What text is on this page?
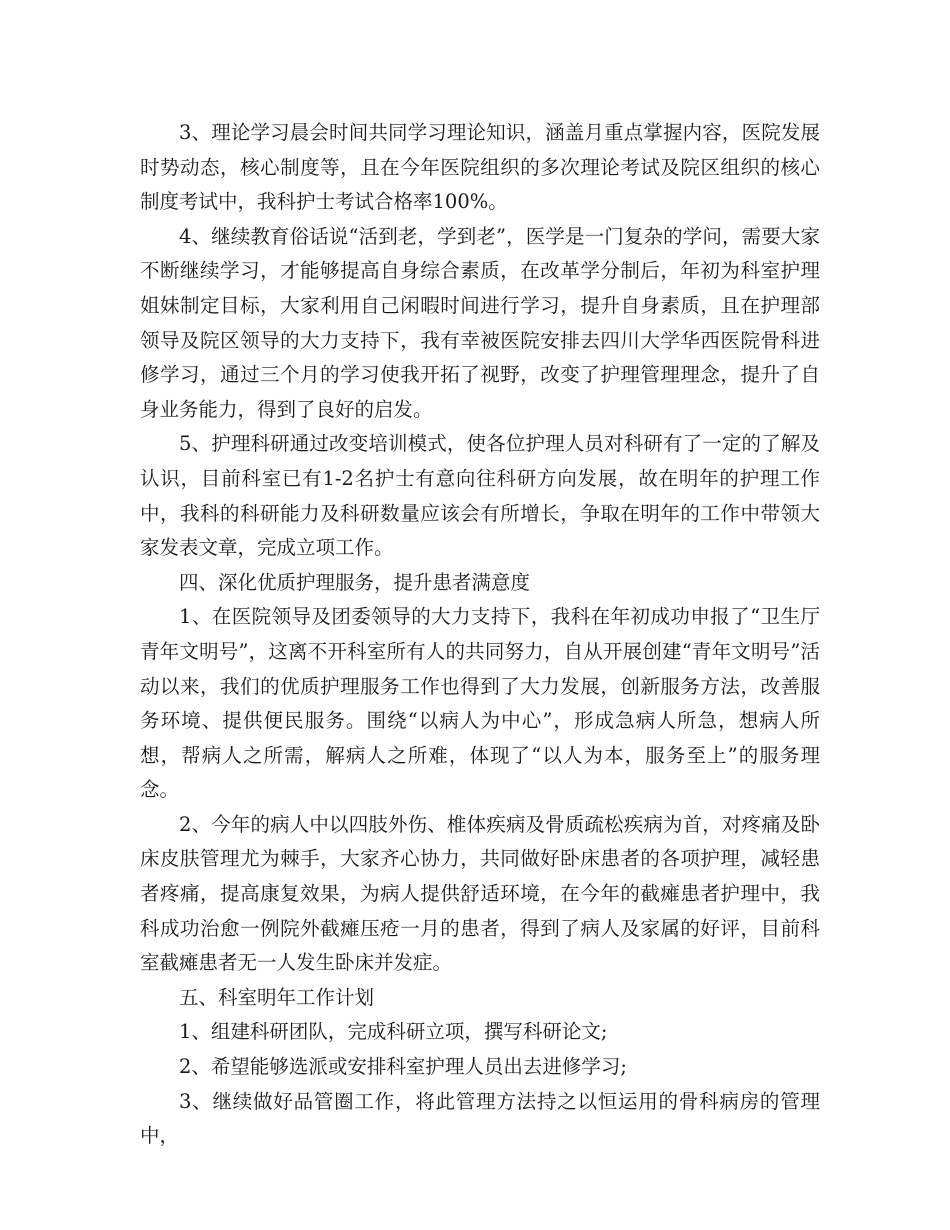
3、理论学习晨会时间共同学习理论知识，涵盖月重点掌握内容，医院发展时势动态，核心制度等，且在今年医院组织的多次理论考试及院区组织的核心制度考试中，我科护士考试合格率100%。

4、继续教育俗话说“活到老，学到老”，医学是一门复杂的学问，需要大家不断继续学习，才能够提高自身综合素质，在改革学分制后，年初为科室护理姐妹制定目标，大家利用自己闲暇时间进行学习，提升自身素质，且在护理部领导及院区领导的大力支持下，我有幸被医院安排去四川大学华西医院骨科进修学习，通过三个月的学习使我开拓了视野，改变了护理管理理念，提升了自身业务能力，得到了良好的启发。

5、护理科研通过改变培训模式，使各位护理人员对科研有了一定的了解及认识，目前科室已有1-2名护士有意向往科研方向发展，故在明年的护理工作中，我科的科研能力及科研数量应该会有所增长，争取在明年的工作中带领大家发表文章，完成立项工作。

四、深化优质护理服务，提升患者满意度

1、在医院领导及团委领导的大力支持下，我科在年初成功申报了“卫生厅青年文明号”，这离不开科室所有人的共同努力，自从开展创建“青年文明号”活动以来，我们的优质护理服务工作也得到了大力发展，创新服务方法，改善服务环境、提供便民服务。围绕“以病人为中心”，形成急病人所急，想病人所想，帮病人之所需，解病人之所难，体现了“以人为本，服务至上”的服务理念。

2、今年的病人中以四肢外伤、椎体疾病及骨质疏松疾病为首，对疼痛及卧床皮肤管理尤为棘手，大家齐心协力，共同做好卧床患者的各项护理，减轻患者疼痛，提高康复效果，为病人提供舒适环境，在今年的截瘫患者护理中，我科成功治愈一例院外截瘫压疮一月的患者，得到了病人及家属的好评，目前科室截瘫患者无一人发生卧床并发症。

五、科室明年工作计划

1、组建科研团队，完成科研立项，撰写科研论文;

2、希望能够选派或安排科室护理人员出去进修学习;

3、继续做好品管圈工作，将此管理方法持之以恒运用的骨科病房的管理中，
